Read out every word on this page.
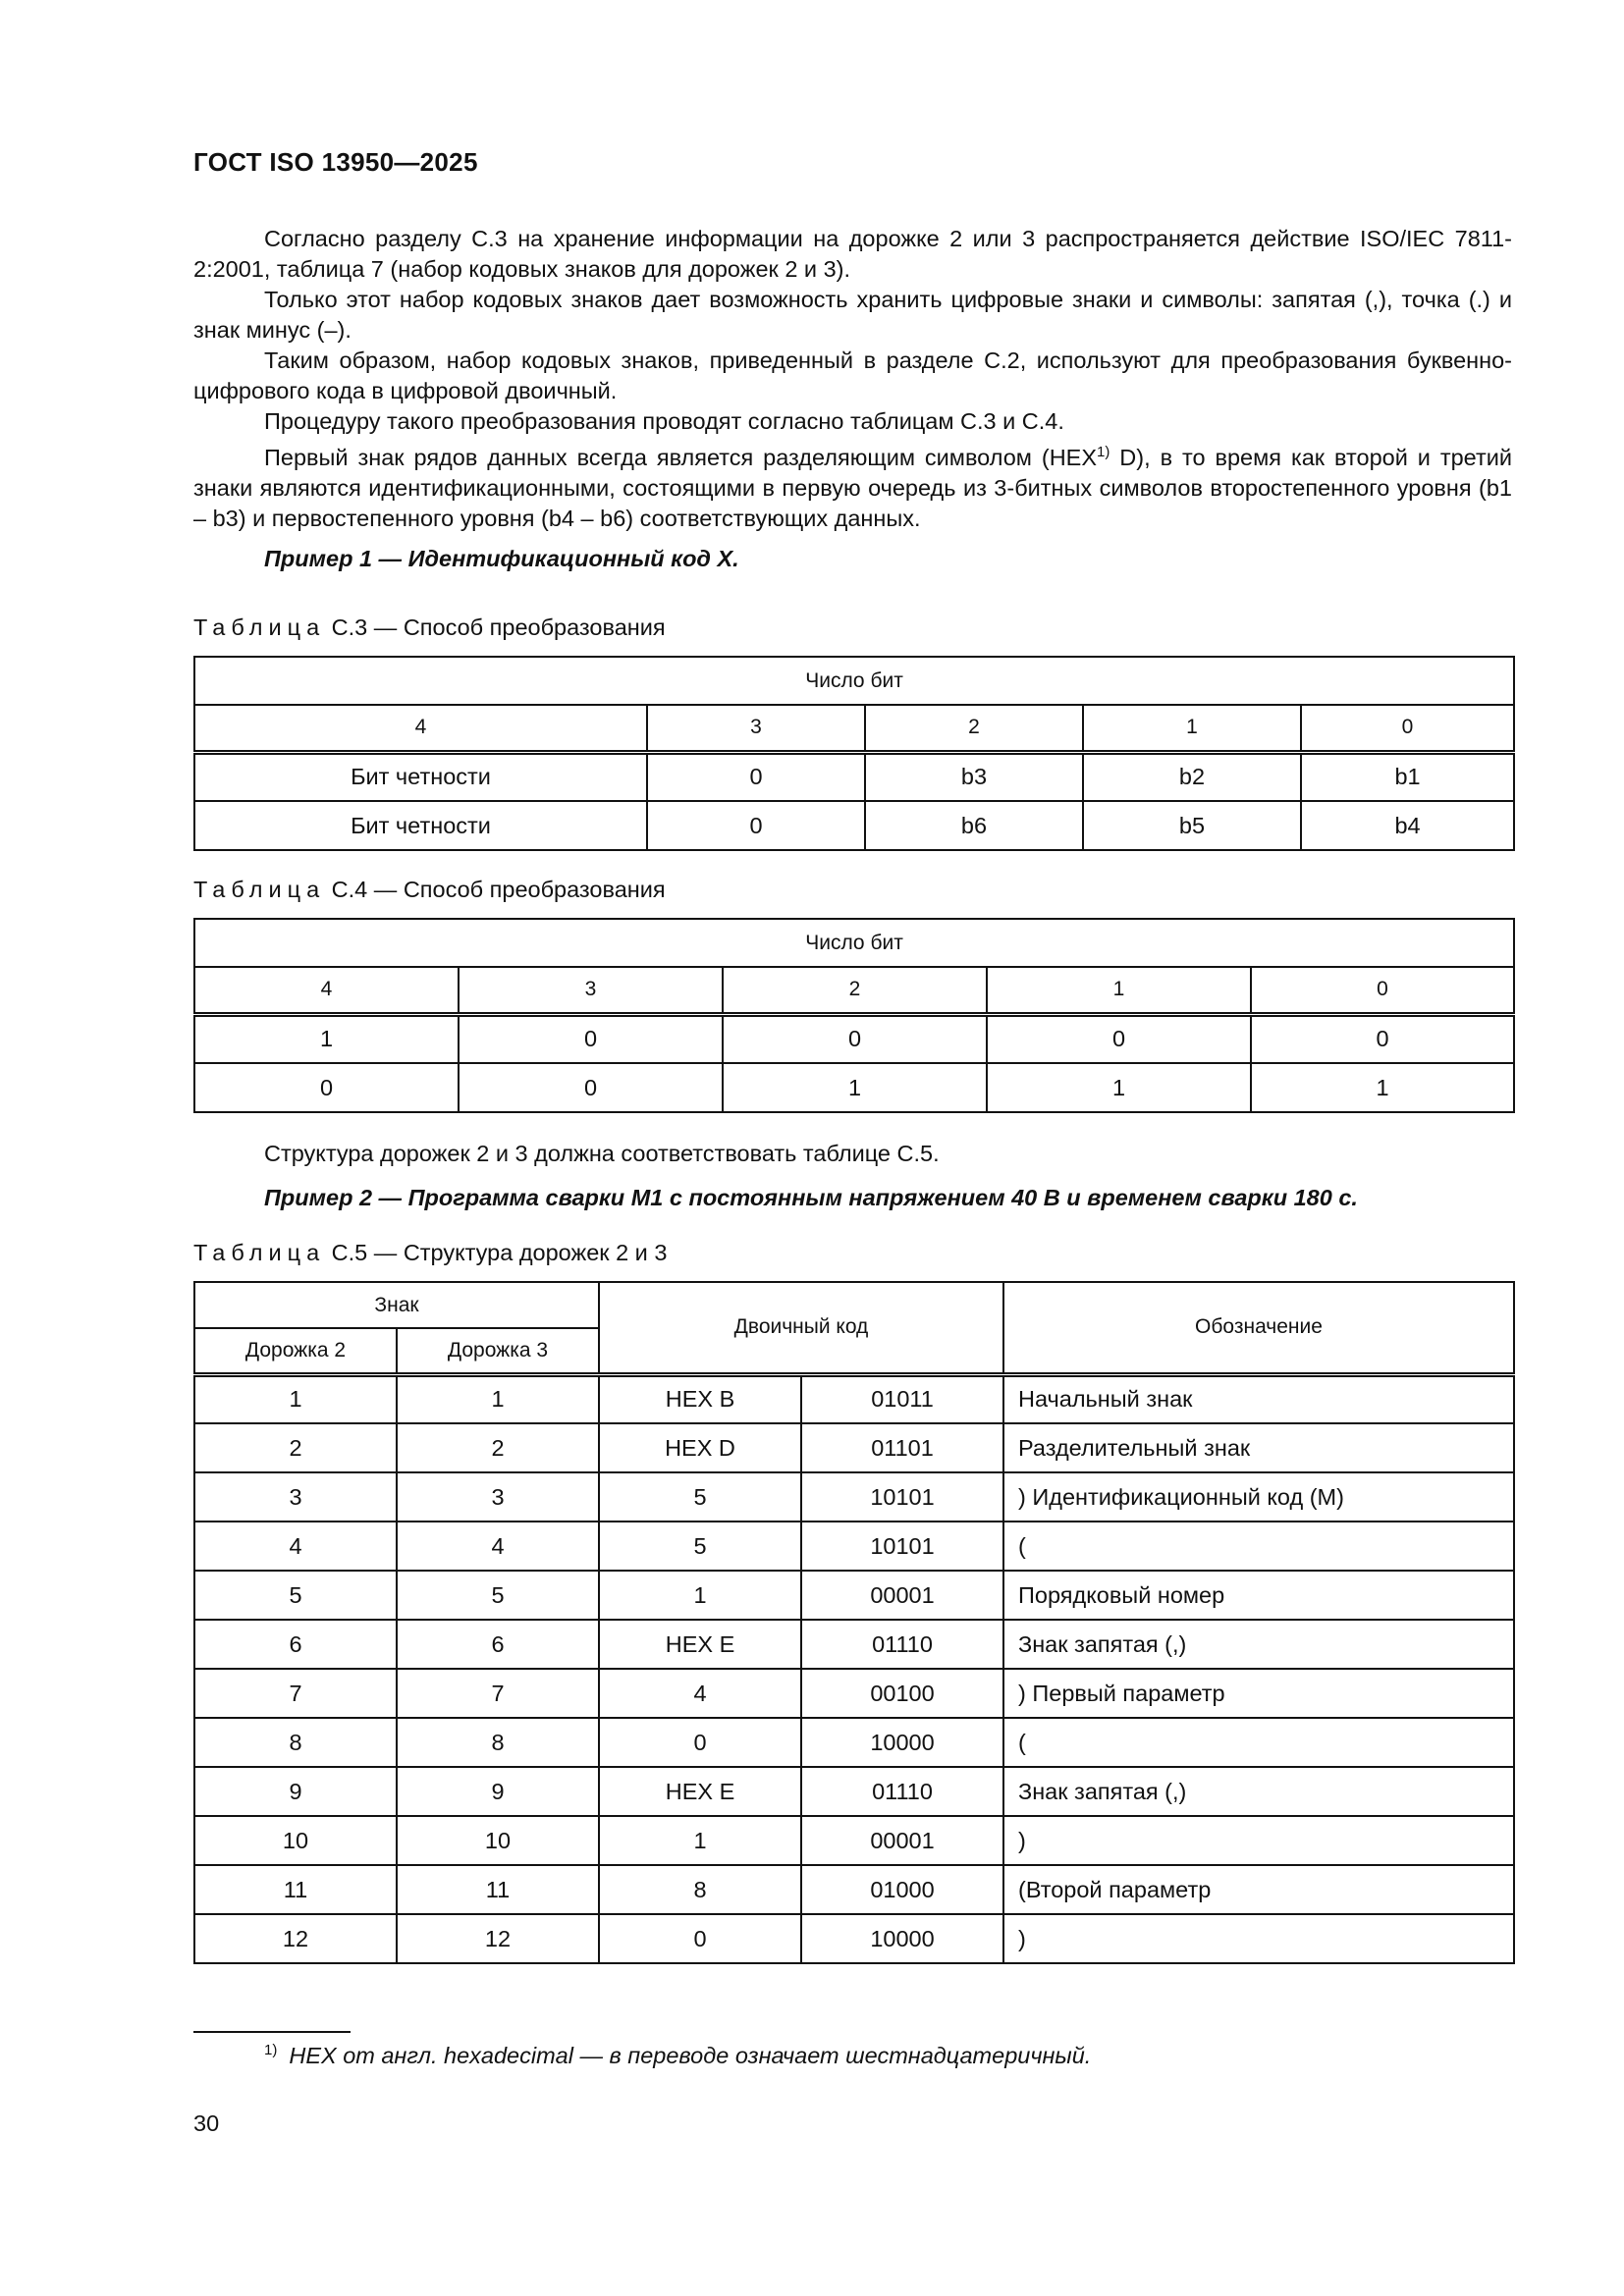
ГОСТ ISO 13950—2025

Согласно разделу С.3 на хранение информации на дорожке 2 или 3 распространяется действие ISO/IEC 7811-2:2001, таблица 7 (набор кодовых знаков для дорожек 2 и 3).

Только этот набор кодовых знаков дает возможность хранить цифровые знаки и символы: запятая (,), точка (.) и знак минус (–).

Таким образом, набор кодовых знаков, приведенный в разделе С.2, используют для преобразования буквенно-цифрового кода в цифровой двоичный.

Процедуру такого преобразования проводят согласно таблицам С.3 и С.4.

Первый знак рядов данных всегда является разделяющим символом (HEX$^{1)}$ D), в то время как второй и третий знаки являются идентификационными, состоящими в первую очередь из 3-битных символов второстепенного уровня (b1 – b3) и первостепенного уровня (b4 – b6) соответствующих данных.

Пример 1 — Идентификационный код X.
Таблица С.3 — Способ преобразования
Число бит				
4	3	2	1	0
Бит четности	0	b3	b2	b1
Бит четности	0	b6	b5	b4
Таблица С.4 — Способ преобразования
Число бит				
4	3	2	1	0
1	0	0	0	0
0	0	1	1	1

Структура дорожек 2 и 3 должна соответствовать таблице С.5.

Пример 2 — Программа сварки M1 с постоянным напряжением 40 В и временем сварки 180 с.
Таблица С.5 — Структура дорожек 2 и 3
Знак		Двоичный код		Обозначение
Дорожка 2	Дорожка 3			
1	1	HEX B	01011	Начальный знак
2	2	HEX D	01101	Разделительный знак
3	3	5	10101	) Идентификационный код (M)
4	4	5	10101	(
5	5	1	00001	Порядковый номер
6	6	HEX E	01110	Знак запятая (,)
7	7	4	00100	) Первый параметр
8	8	0	10000	(
9	9	HEX E	01110	Знак запятая (,)
10	10	1	00001	)
11	11	8	01000	(Второй параметр
12	12	0	10000	)
$^{1)}$ HEX от англ. hexadecimal — в переводе означает шестнадцатеричный.
30
